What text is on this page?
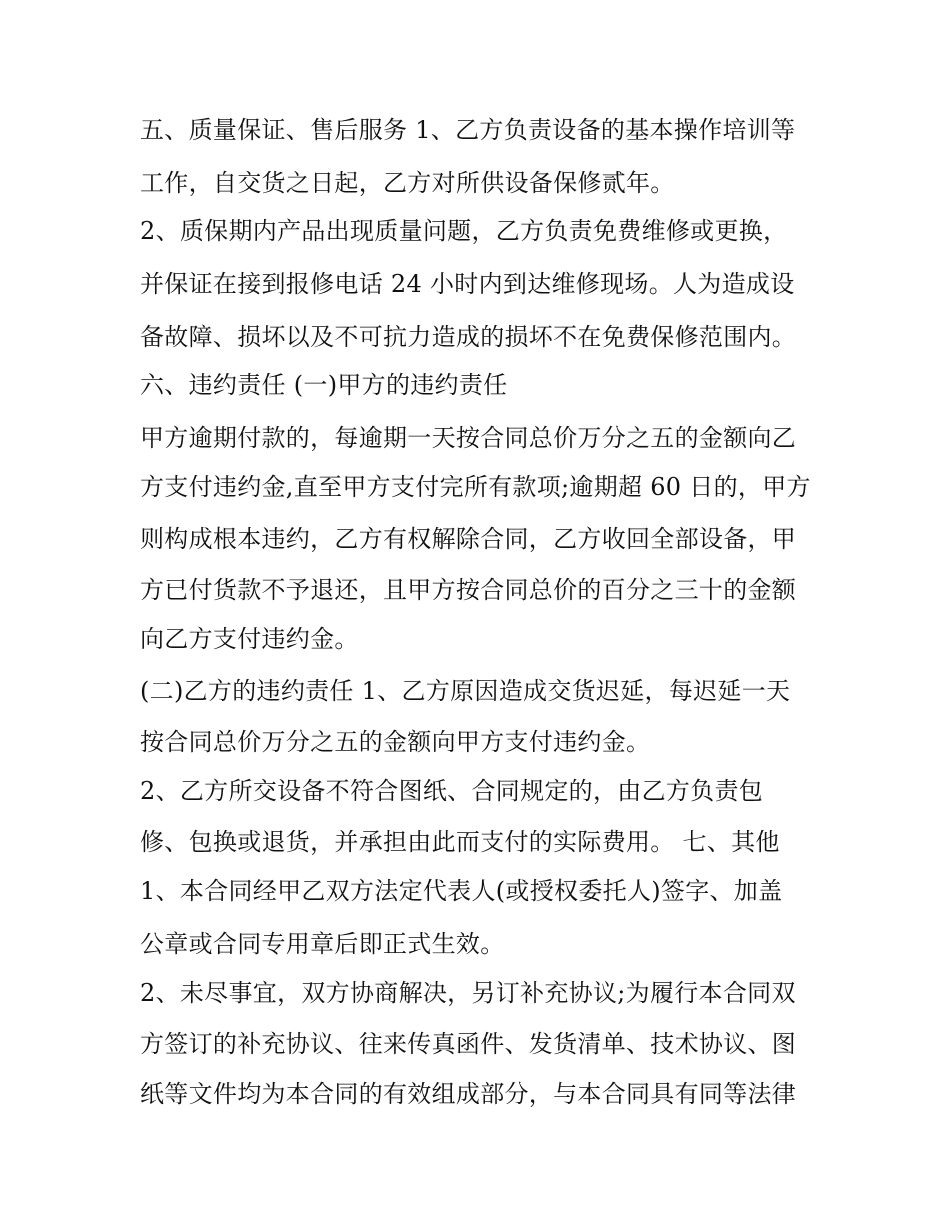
五、质量保证、售后服务 1、乙方负责设备的基本操作培训等
工作，自交货之日起，乙方对所供设备保修贰年。
2、质保期内产品出现质量问题，乙方负责免费维修或更换，
并保证在接到报修电话 24 小时内到达维修现场。人为造成设
备故障、损坏以及不可抗力造成的损坏不在免费保修范围内。
六、违约责任 (一)甲方的违约责任
甲方逾期付款的，每逾期一天按合同总价万分之五的金额向乙
方支付违约金,直至甲方支付完所有款项;逾期超 60 日的，甲方
则构成根本违约，乙方有权解除合同，乙方收回全部设备，甲
方已付货款不予退还，且甲方按合同总价的百分之三十的金额
向乙方支付违约金。
(二)乙方的违约责任 1、乙方原因造成交货迟延，每迟延一天
按合同总价万分之五的金额向甲方支付违约金。
2、乙方所交设备不符合图纸、合同规定的，由乙方负责包
修、包换或退货，并承担由此而支付的实际费用。 七、其他
1、本合同经甲乙双方法定代表人(或授权委托人)签字、加盖
公章或合同专用章后即正式生效。
2、未尽事宜，双方协商解决，另订补充协议;为履行本合同双
方签订的补充协议、往来传真函件、发货清单、技术协议、图
纸等文件均为本合同的有效组成部分，与本合同具有同等法律
